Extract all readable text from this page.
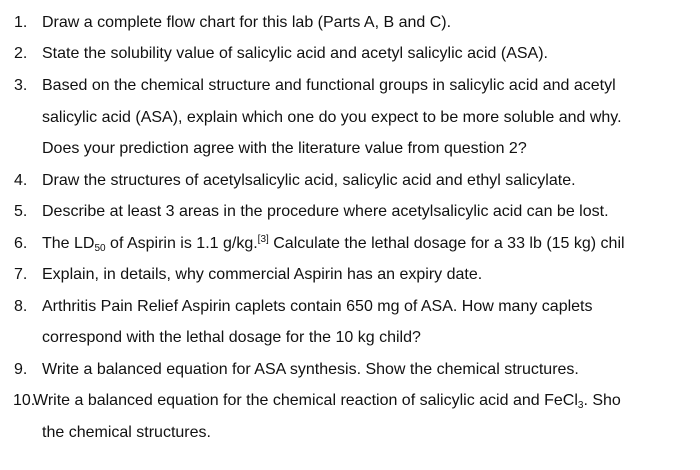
1. Draw a complete flow chart for this lab (Parts A, B and C).
2. State the solubility value of salicylic acid and acetyl salicylic acid (ASA).
3. Based on the chemical structure and functional groups in salicylic acid and acetyl
salicylic acid (ASA), explain which one do you expect to be more soluble and why.
Does your prediction agree with the literature value from question 2?
4. Draw the structures of acetylsalicylic acid, salicylic acid and ethyl salicylate.
5. Describe at least 3 areas in the procedure where acetylsalicylic acid can be lost.
6. The $LD_{50}$ of Aspirin is 1.1 g/kg.[3] Calculate the lethal dosage for a 33 lb (15 kg) chil
7. Explain, in details, why commercial Aspirin has an expiry date.
8. Arthritis Pain Relief Aspirin caplets contain 650 mg of ASA. How many caplets
correspond with the lethal dosage for the 10 kg child?
9. Write a balanced equation for ASA synthesis. Show the chemical structures.
10.
Write a balanced equation for the chemical reaction of salicylic acid and FeCl$_3$. Sho
the chemical structures.
